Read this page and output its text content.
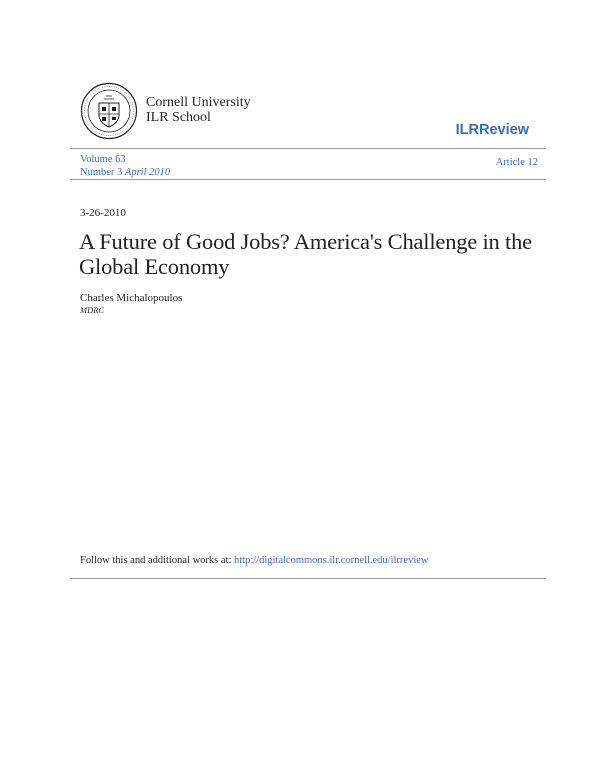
Cornell University
ILR School
ILRReview
Volume 63
Number 3 April 2010
Article 12
3-26-2010
A Future of Good Jobs? America's Challenge in the Global Economy
Charles Michalopoulos
MDRC
Follow this and additional works at: http://digitalcommons.ilr.cornell.edu/ilrreview
